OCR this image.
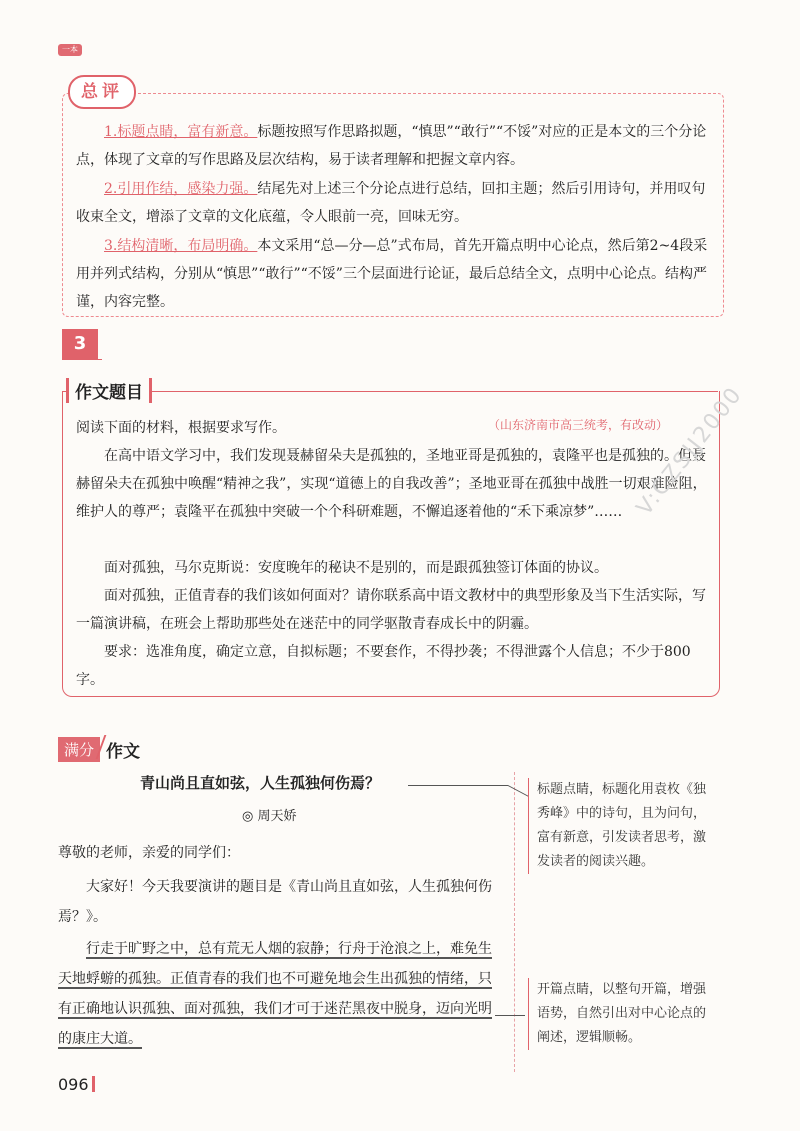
一本
总评
1.标题点睛，富有新意。标题按照写作思路拟题，“慎思”“敢行”“不馁”对应的正是本文的三个分论点，体现了文章的写作思路及层次结构，易于读者理解和把握文章内容。
2.引用作结，感染力强。结尾先对上述三个分论点进行总结，回扣主题；然后引用诗句，并用叹句收束全文，增添了文章的文化底蕴，令人眼前一亮，回味无穷。
3.结构清晰，布局明确。本文采用“总—分—总”式布局，首先开篇点明中心论点，然后第2~4段采用并列式结构，分别从“慎思”“敢行”“不馁”三个层面进行论证，最后总结全文，点明中心论点。结构严谨，内容完整。
3
作文题目
阅读下面的材料，根据要求写作。	（山东济南市高三统考，有改动）
在高中语文学习中，我们发现聂赫留朵夫是孤独的，圣地亚哥是孤独的，袁隆平也是孤独的。但聂赫留朵夫在孤独中唤醒“精神之我”，实现“道德上的自我改善”；圣地亚哥在孤独中战胜一切艰难险阻，维护人的尊严；袁隆平在孤独中突破一个个科研难题，不懈追逐着他的“禾下乘凉梦”……
面对孤独，马尔克斯说：安度晚年的秘诀不是别的，而是跟孤独签订体面的协议。
面对孤独，正值青春的我们该如何面对？请你联系高中语文教材中的典型形象及当下生活实际，写一篇演讲稿，在班会上帮助那些处在迷茫中的同学驱散青春成长中的阴霾。
要求：选准角度，确定立意，自拟标题；不要套作，不得抄袭；不得泄露个人信息；不少于800字。
满分 作文
青山尚且直如弦，人生孤独何伤焉？
◎ 周天娇
尊敬的老师，亲爱的同学们：
大家好！今天我要演讲的题目是《青山尚且直如弦，人生孤独何伤焉？》。
行走于旷野之中，总有荒无人烟的寂静；行舟于沧浪之上，难免生天地蜉蝣的孤独。正值青春的我们也不可避免地会生出孤独的情绪，只有正确地认识孤独、面对孤独，我们才可于迷茫黑夜中脱身，迈向光明的康庄大道。
标题点睛，标题化用袁枚《独秀峰》中的诗句，且为问句，富有新意，引发读者思考，激发读者的阅读兴趣。
开篇点睛，以整句开篇，增强语势，自然引出对中心论点的阐述，逻辑顺畅。
096
V:CZSJJ2000
